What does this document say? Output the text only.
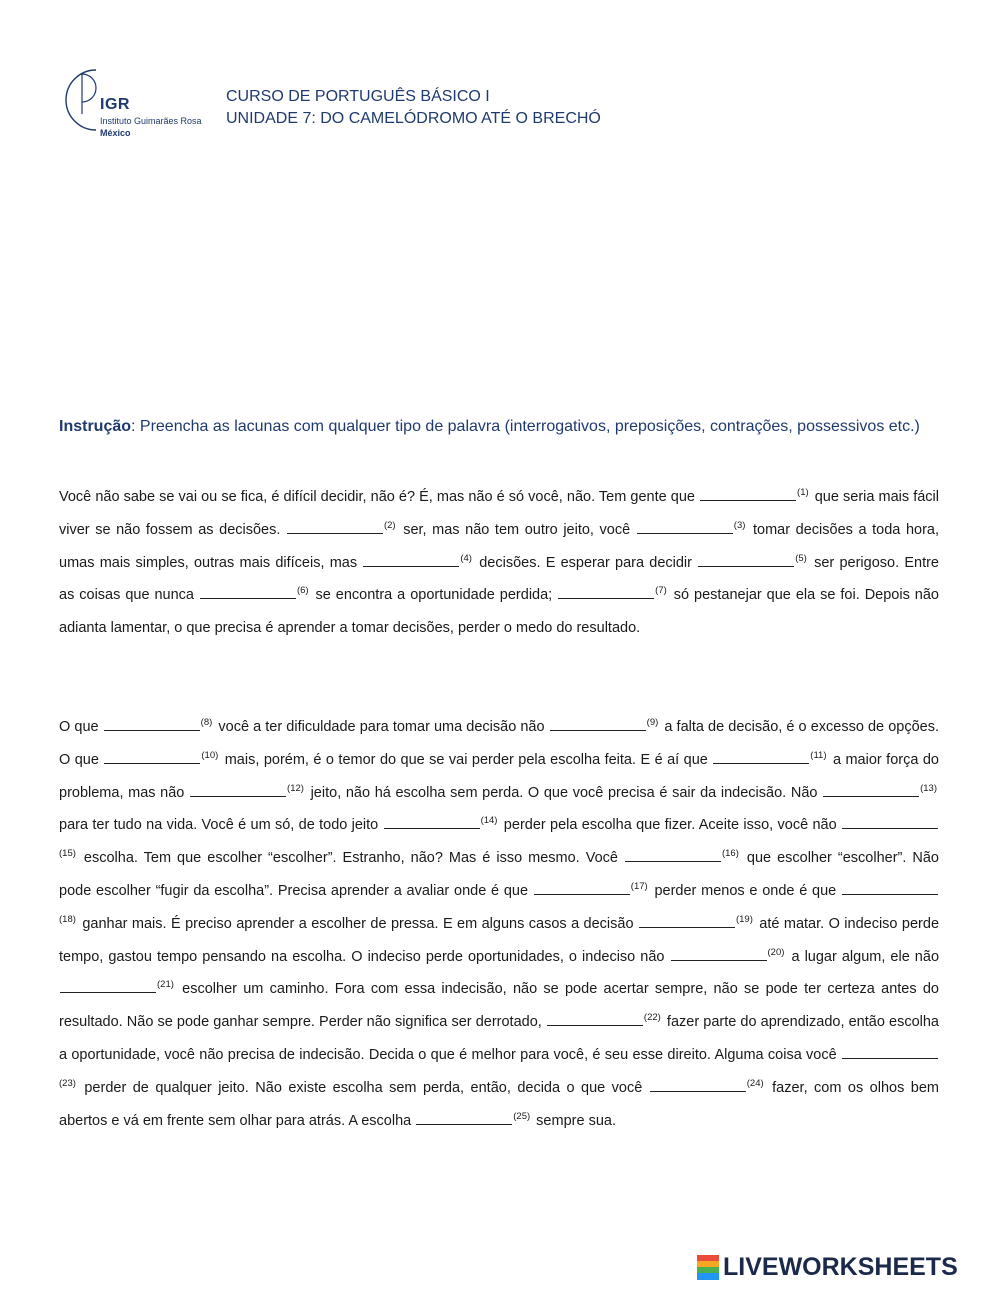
IGR
Instituto Guimarães Rosa
México
CURSO DE PORTUGUÊS BÁSICO I
UNIDADE 7: DO CAMELÓDROMO ATÉ O BRECHÓ
Instrução: Preencha as lacunas com qualquer tipo de palavra (interrogativos, preposições, contrações, possessivos etc.)
Você não sabe se vai ou se fica, é difícil decidir, não é? É, mas não é só você, não. Tem gente que	$^{(1)}$ que seria mais fácil viver se não fossem as decisões.	$^{(2)}$ ser, mas não tem outro jeito, você	$^{(3)}$ tomar decisões a toda hora, umas mais simples, outras mais difíceis, mas	$^{(4)}$ decisões. E esperar para decidir	$^{(5)}$ ser perigoso. Entre as coisas que nunca	$^{(6)}$ se encontra a oportunidade perdida;	$^{(7)}$ só pestanejar que ela se foi. Depois não adianta lamentar, o que precisa é aprender a tomar decisões, perder o medo do resultado.
O que	$^{(8)}$ você a ter dificuldade para tomar uma decisão não	$^{(9)}$ a falta de decisão, é o excesso de opções. O que	$^{(10)}$ mais, porém, é o temor do que se vai perder pela escolha feita. E é aí que	$^{(11)}$ a maior força do problema, mas não	$^{(12)}$ jeito, não há escolha sem perda. O que você precisa é sair da indecisão. Não	$^{(13)}$ para ter tudo na vida. Você é um só, de todo jeito	$^{(14)}$ perder pela escolha que fizer. Aceite isso, você não $^{(15)}$ escolha. Tem que escolher “escolher”. Estranho, não? Mas é isso mesmo. Você	$^{(16)}$ que escolher “escolher”. Não pode escolher “fugir da escolha”. Precisa aprender a avaliar onde é que	$^{(17)}$ perder menos e onde é que $^{(18)}$ ganhar mais. É preciso aprender a escolher de pressa. E em alguns casos a decisão	$^{(19)}$ até matar. O indeciso perde tempo, gastou tempo pensando na escolha. O indeciso perde oportunidades, o indeciso não	$^{(20)}$ a lugar algum, ele não $^{(21)}$ escolher um caminho. Fora com essa indecisão, não se pode acertar sempre, não se pode ter certeza antes do resultado. Não se pode ganhar sempre. Perder não significa ser derrotado,	$^{(22)}$ fazer parte do aprendizado, então escolha a oportunidade, você não precisa de indecisão. Decida o que é melhor para você, é seu esse direito. Alguma coisa você $^{(23)}$ perder de qualquer jeito. Não existe escolha sem perda, então, decida o que você	$^{(24)}$ fazer, com os olhos bem abertos e vá em frente sem olhar para atrás. A escolha	$^{(25)}$ sempre sua.
LIVEWORKSHEETS
